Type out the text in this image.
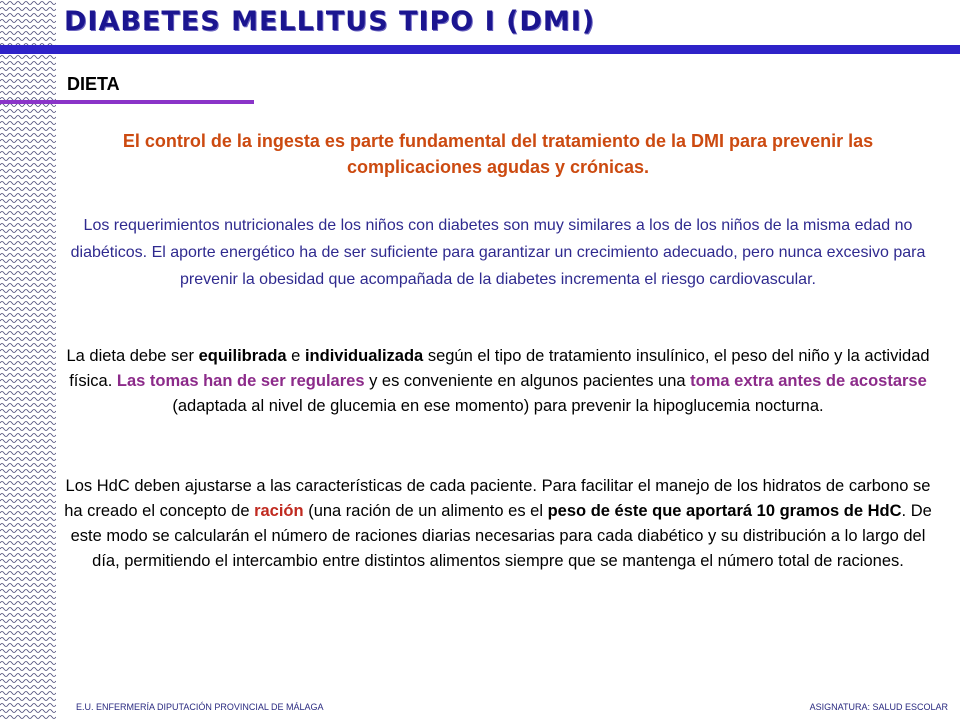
DIABETES MELLITUS TIPO I (DMI)
DIETA

El control de la ingesta es parte fundamental del tratamiento de la DMI para prevenir las complicaciones agudas y crónicas.

Los requerimientos nutricionales de los niños con diabetes son muy similares a los de los niños de la misma edad no diabéticos. El aporte energético ha de ser suficiente para garantizar un crecimiento adecuado, pero nunca excesivo para prevenir la obesidad que acompañada de la diabetes incrementa el riesgo cardiovascular.

La dieta debe ser equilibrada e individualizada según el tipo de tratamiento insulínico, el peso del niño y la actividad física. Las tomas han de ser regulares y es conveniente en algunos pacientes una toma extra antes de acostarse (adaptada al nivel de glucemia en ese momento) para prevenir la hipoglucemia nocturna.

Los HdC deben ajustarse a las características de cada paciente. Para facilitar el manejo de los hidratos de carbono se ha creado el concepto de ración (una ración de un alimento es el peso de éste que aportará 10 gramos de HdC. De este modo se calcularán el número de raciones diarias necesarias para cada diabético y su distribución a lo largo del día, permitiendo el intercambio entre distintos alimentos siempre que se mantenga el número total de raciones.

E.U. ENFERMERÍA DIPUTACIÓN PROVINCIAL DE MÁLAGA	ASIGNATURA: SALUD ESCOLAR
